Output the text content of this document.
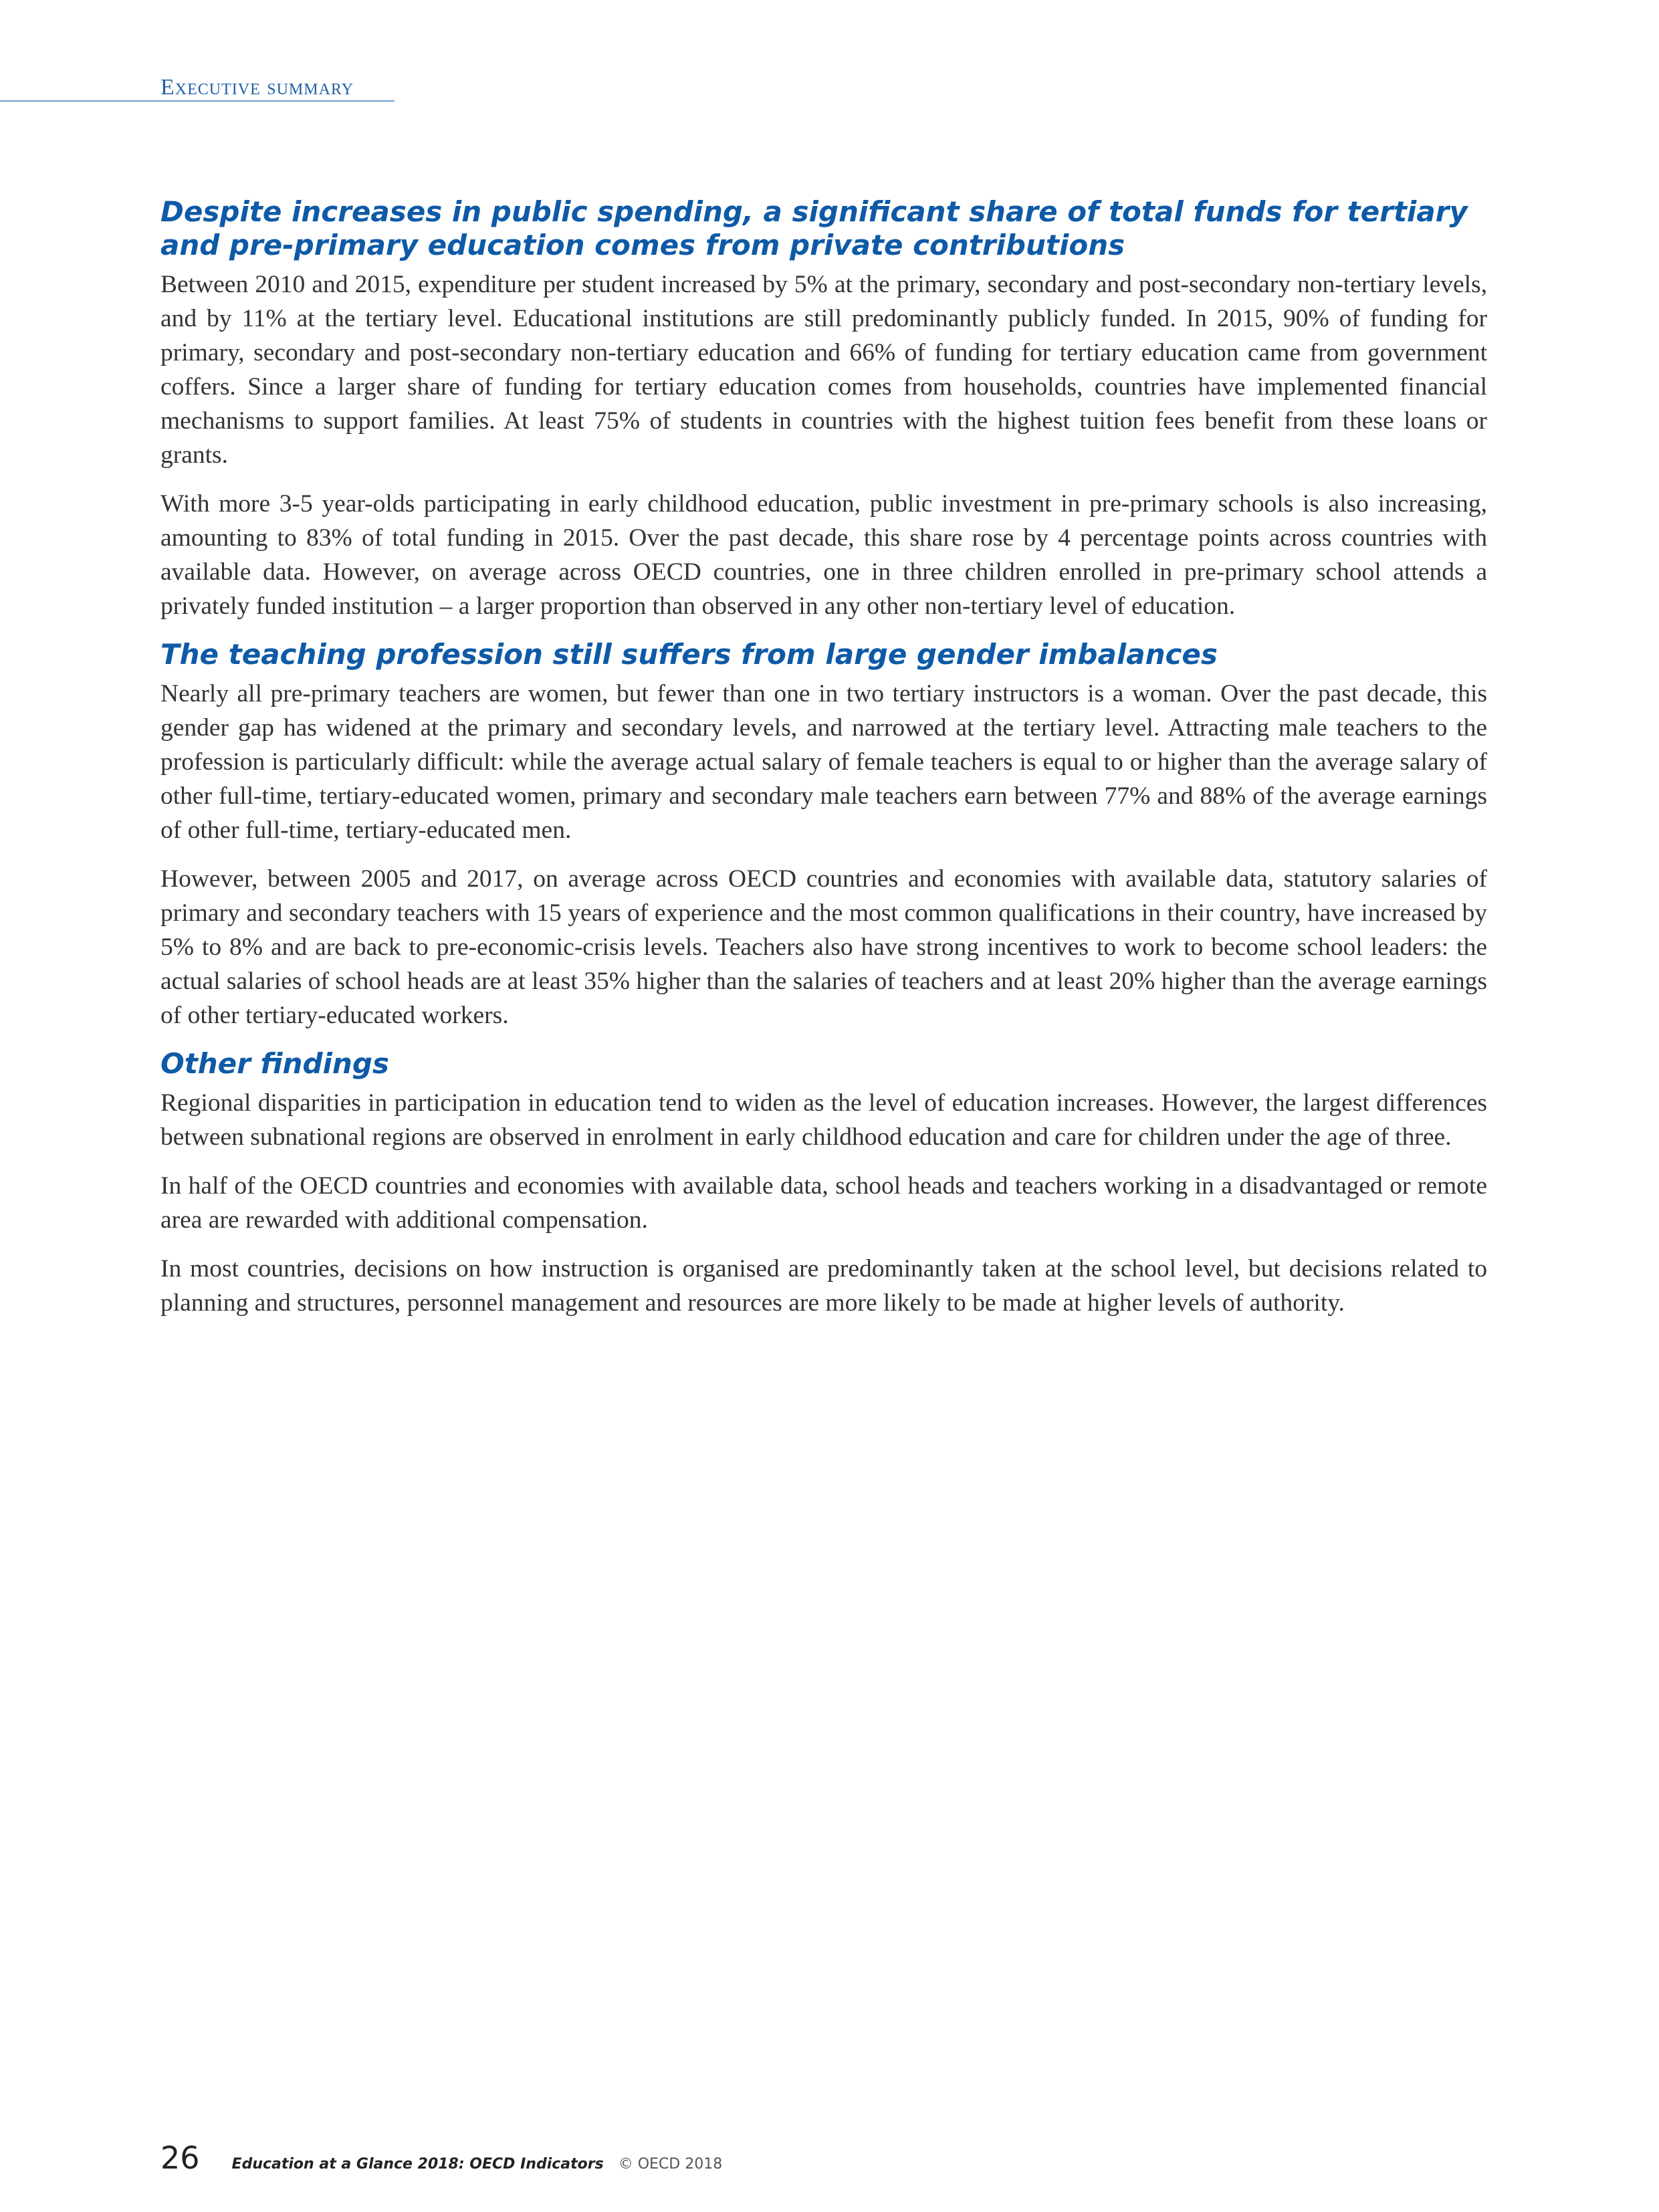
Executive summary
Despite increases in public spending, a significant share of total funds for tertiary and pre-primary education comes from private contributions

Between 2010 and 2015, expenditure per student increased by 5% at the primary, secondary and post-secondary non-tertiary levels, and by 11% at the tertiary level. Educational institutions are still predominantly publicly funded. In 2015, 90% of funding for primary, secondary and post-secondary non-tertiary education and 66% of funding for tertiary education came from government coffers. Since a larger share of funding for tertiary education comes from households, countries have implemented financial mechanisms to support families. At least 75% of students in countries with the highest tuition fees benefit from these loans or grants.

With more 3-5 year-olds participating in early childhood education, public investment in pre-primary schools is also increasing, amounting to 83% of total funding in 2015. Over the past decade, this share rose by 4 percentage points across countries with available data. However, on average across OECD countries, one in three children enrolled in pre-primary school attends a privately funded institution – a larger proportion than observed in any other non-tertiary level of education.

The teaching profession still suffers from large gender imbalances

Nearly all pre-primary teachers are women, but fewer than one in two tertiary instructors is a woman. Over the past decade, this gender gap has widened at the primary and secondary levels, and narrowed at the tertiary level. Attracting male teachers to the profession is particularly difficult: while the average actual salary of female teachers is equal to or higher than the average salary of other full-time, tertiary-educated women, primary and secondary male teachers earn between 77% and 88% of the average earnings of other full-time, tertiary-educated men.

However, between 2005 and 2017, on average across OECD countries and economies with available data, statutory salaries of primary and secondary teachers with 15 years of experience and the most common qualifications in their country, have increased by 5% to 8% and are back to pre-economic-crisis levels. Teachers also have strong incentives to work to become school leaders: the actual salaries of school heads are at least 35% higher than the salaries of teachers and at least 20% higher than the average earnings of other tertiary-educated workers.

Other findings

Regional disparities in participation in education tend to widen as the level of education increases. However, the largest differences between subnational regions are observed in enrolment in early childhood education and care for children under the age of three.

In half of the OECD countries and economies with available data, school heads and teachers working in a disadvantaged or remote area are rewarded with additional compensation.

In most countries, decisions on how instruction is organised are predominantly taken at the school level, but decisions related to planning and structures, personnel management and resources are more likely to be made at higher levels of authority.

26 Education at a Glance 2018: OECD Indicators © OECD 2018
